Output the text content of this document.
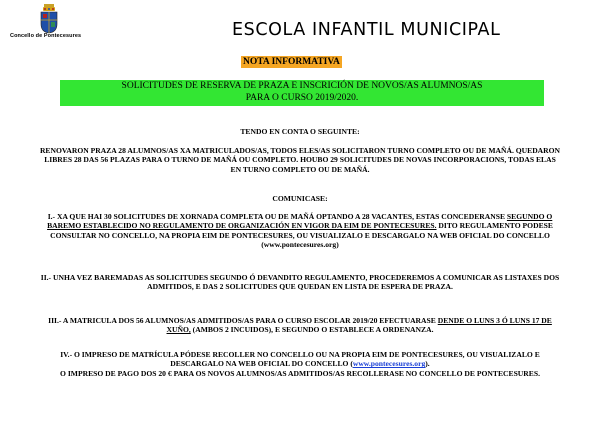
Concello de Pontecesures	ESCOLA INFANTIL MUNICIPAL
NOTA INFORMATIVA
SOLICITUDES DE RESERVA DE PRAZA E INSCRICIÓN DE NOVOS/AS ALUMNOS/AS
PARA O CURSO 2019/2020.
TENDO EN CONTA O SEGUINTE:
RENOVARON PRAZA 28 ALUMNOS/AS XA MATRICULADOS/AS, TODOS ELES/AS SOLICITARON TURNO COMPLETO OU DE MAÑÁ. QUEDARON LIBRES 28 DAS 56 PLAZAS PARA O TURNO DE MAÑÁ OU COMPLETO. HOUBO 29 SOLICITUDES DE NOVAS INCORPORACIONS, TODAS ELAS EN TURNO COMPLETO OU DE MAÑÁ.
COMUNICASE:
I.- XA QUE HAI 30 SOLICITUDES DE XORNADA COMPLETA OU DE MAÑÁ OPTANDO A 28 VACANTES, ESTAS CONCEDERANSE SEGUNDO O BAREMO ESTABLECIDO NO REGULAMENTO DE ORGANIZACIÓN EN VIGOR DA EIM DE PONTECESURES. DITO REGULAMENTO PODESE CONSULTAR NO CONCELLO, NA PROPIA EIM DE PONTECESURES, OU VISUALIZALO E DESCARGALO NA WEB OFICIAL DO CONCELLO (www.pontecesures.org)
II.- UNHA VEZ BAREMADAS AS SOLICITUDES SEGUNDO Ó DEVANDITO REGULAMENTO, PROCEDEREMOS A COMUNICAR AS LISTAXES DOS ADMITIDOS, E DAS 2 SOLICITUDES QUE QUEDAN EN LISTA DE ESPERA DE PRAZA.
III.- A MATRICULA DOS 56 ALUMNOS/AS ADMITIDOS/AS PARA O CURSO ESCOLAR 2019/20 EFECTUARASE DENDE O LUNS 3 Ó LUNS 17 DE XUÑO, (AMBOS 2 INCUIDOS), E SEGUNDO O ESTABLECE A ORDENANZA.
IV.- O IMPRESO DE MATRÍCULA PÓDESE RECOLLER NO CONCELLO OU NA PROPIA EIM DE PONTECESURES, OU VISUALIZALO E DESCARGALO NA WEB OFICIAL DO CONCELLO (www.pontecesures.org).
O IMPRESO DE PAGO DOS 20 € PARA OS NOVOS ALUMNOS/AS ADMITIDOS/AS RECOLLERASE NO CONCELLO DE PONTECESURES.
